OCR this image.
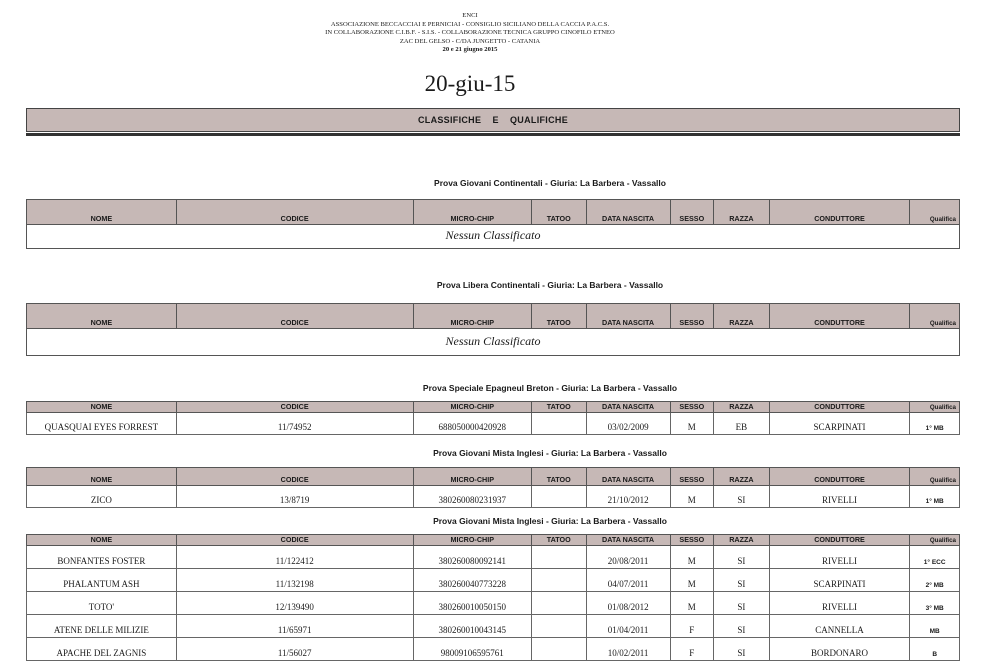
ENCI
ASSOCIAZIONE BECCACCIAI E PERNICIAI - CONSIGLIO SICILIANO DELLA CACCIA P.A.C.S.
IN COLLABORAZIONE C.I.B.F. - S.I.S. - COLLABORAZIONE TECNICA GRUPPO CINOFILO ETNEO
ZAC DEL GELSO - C/DA JUNGETTO - CATANIA
20 e 21 giugno 2015
20-giu-15
CLASSIFICHE    E    QUALIFICHE
Prova Giovani Continentali - Giuria: La Barbera - Vassallo
NOME	CODICE	MICRO-CHIP	TATOO	DATA NASCITA	SESSO	RAZZA	CONDUTTORE	Qualifica
Nessun Classificato
Prova Libera Continentali - Giuria: La Barbera - Vassallo
NOME	CODICE	MICRO-CHIP	TATOO	DATA NASCITA	SESSO	RAZZA	CONDUTTORE	Qualifica
Nessun Classificato
Prova Speciale Epagneul Breton - Giuria: La Barbera - Vassallo
NOME	CODICE	MICRO-CHIP	TATOO	DATA NASCITA	SESSO	RAZZA	CONDUTTORE	Qualifica
QUASQUAI EYES FORREST	11/74952	688050000420928		03/02/2009	M	EB	SCARPINATI	1° MB
Prova Giovani Mista Inglesi - Giuria: La Barbera - Vassallo
NOME	CODICE	MICRO-CHIP	TATOO	DATA NASCITA	SESSO	RAZZA	CONDUTTORE	Qualifica
ZICO	13/8719	380260080231937		21/10/2012	M	SI	RIVELLI	1° MB
Prova Giovani Mista Inglesi - Giuria: La Barbera - Vassallo
NOME	CODICE	MICRO-CHIP	TATOO	DATA NASCITA	SESSO	RAZZA	CONDUTTORE	Qualifica
BONFANTES FOSTER	11/122412	380260080092141		20/08/2011	M	SI	RIVELLI	1° ECC
PHALANTUM ASH	11/132198	380260040773228		04/07/2011	M	SI	SCARPINATI	2° MB
TOTO'	12/139490	380260010050150		01/08/2012	M	SI	RIVELLI	3° MB
ATENE DELLE MILIZIE	11/65971	380260010043145		01/04/2011	F	SI	CANNELLA	MB
APACHE DEL ZAGNIS	11/56027	98009106595761		10/02/2011	F	SI	BORDONARO	B
